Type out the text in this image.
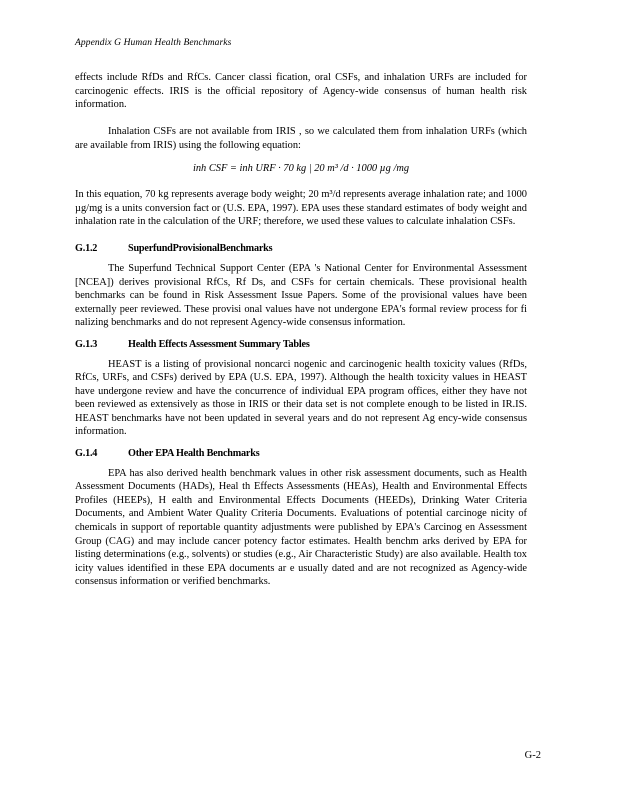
Appendix G Human Health Benchmarks

effects include RfDs and RfCs. Cancer classi fication, oral CSFs, and inhalation URFs are included for carcinogenic effects. IRIS is the official repository of Agency-wide consensus of human health risk information.

Inhalation CSFs are not available from IRIS , so we calculated them from inhalation URFs (which are available from IRIS) using the following equation:

inh CSF = inh URF · 70 kg | 20 m³ /d · 1000 µg /mg

In this equation, 70 kg represents average body weight; 20 m³/d represents average inhalation rate; and 1000 µg/mg is a units conversion fact or (U.S. EPA, 1997). EPA uses these standard estimates of body weight and inhalation rate in the calculation of the URF; therefore, we used these values to calculate inhalation CSFs.

G.1.2	SuperfundProvisionalBenchmarks

The Superfund Technical Support Center (EPA 's National Center for Environmental Assessment [NCEA]) derives provisional RfCs, Rf Ds, and CSFs for certain chemicals. These provisional health benchmarks can be found in Risk Assessment Issue Papers. Some of the provisional values have been externally peer reviewed. These provisi onal values have not undergone EPA's formal review process for fi nalizing benchmarks and do not represent Agency-wide consensus information.

G.1.3	Health Effects Assessment Summary Tables

HEAST is a listing of provisional noncarci nogenic and carcinogenic health toxicity values (RfDs, RfCs, URFs, and CSFs) derived by EPA (U.S. EPA, 1997). Although the health toxicity values in HEAST have undergone review and have the concurrence of individual EPA program offices, either they have not been reviewed as extensively as those in IRIS or their data set is not complete enough to be listed in IR.IS. HEAST benchmarks have not been updated in several years and do not represent Ag ency-wide consensus information.

G.1.4	Other EPA Health Benchmarks

EPA has also derived health benchmark values in other risk assessment documents, such as Health Assessment Documents (HADs), Heal th Effects Assessments (HEAs), Health and Environmental Effects Profiles (HEEPs), H ealth and Environmental Effects Documents (HEEDs), Drinking Water Criteria Documents, and Ambient Water Quality Criteria Documents. Evaluations of potential carcinoge nicity of chemicals in support of reportable quantity adjustments were published by EPA's Carcinog en Assessment Group (CAG) and may include cancer potency factor estimates. Health benchm arks derived by EPA for listing determinations (e.g., solvents) or studies (e.g., Air Characteristic Study) are also available. Health tox icity values identified in these EPA documents ar e usually dated and are not recognized as Agency-wide consensus information or verified benchmarks.

G-2
